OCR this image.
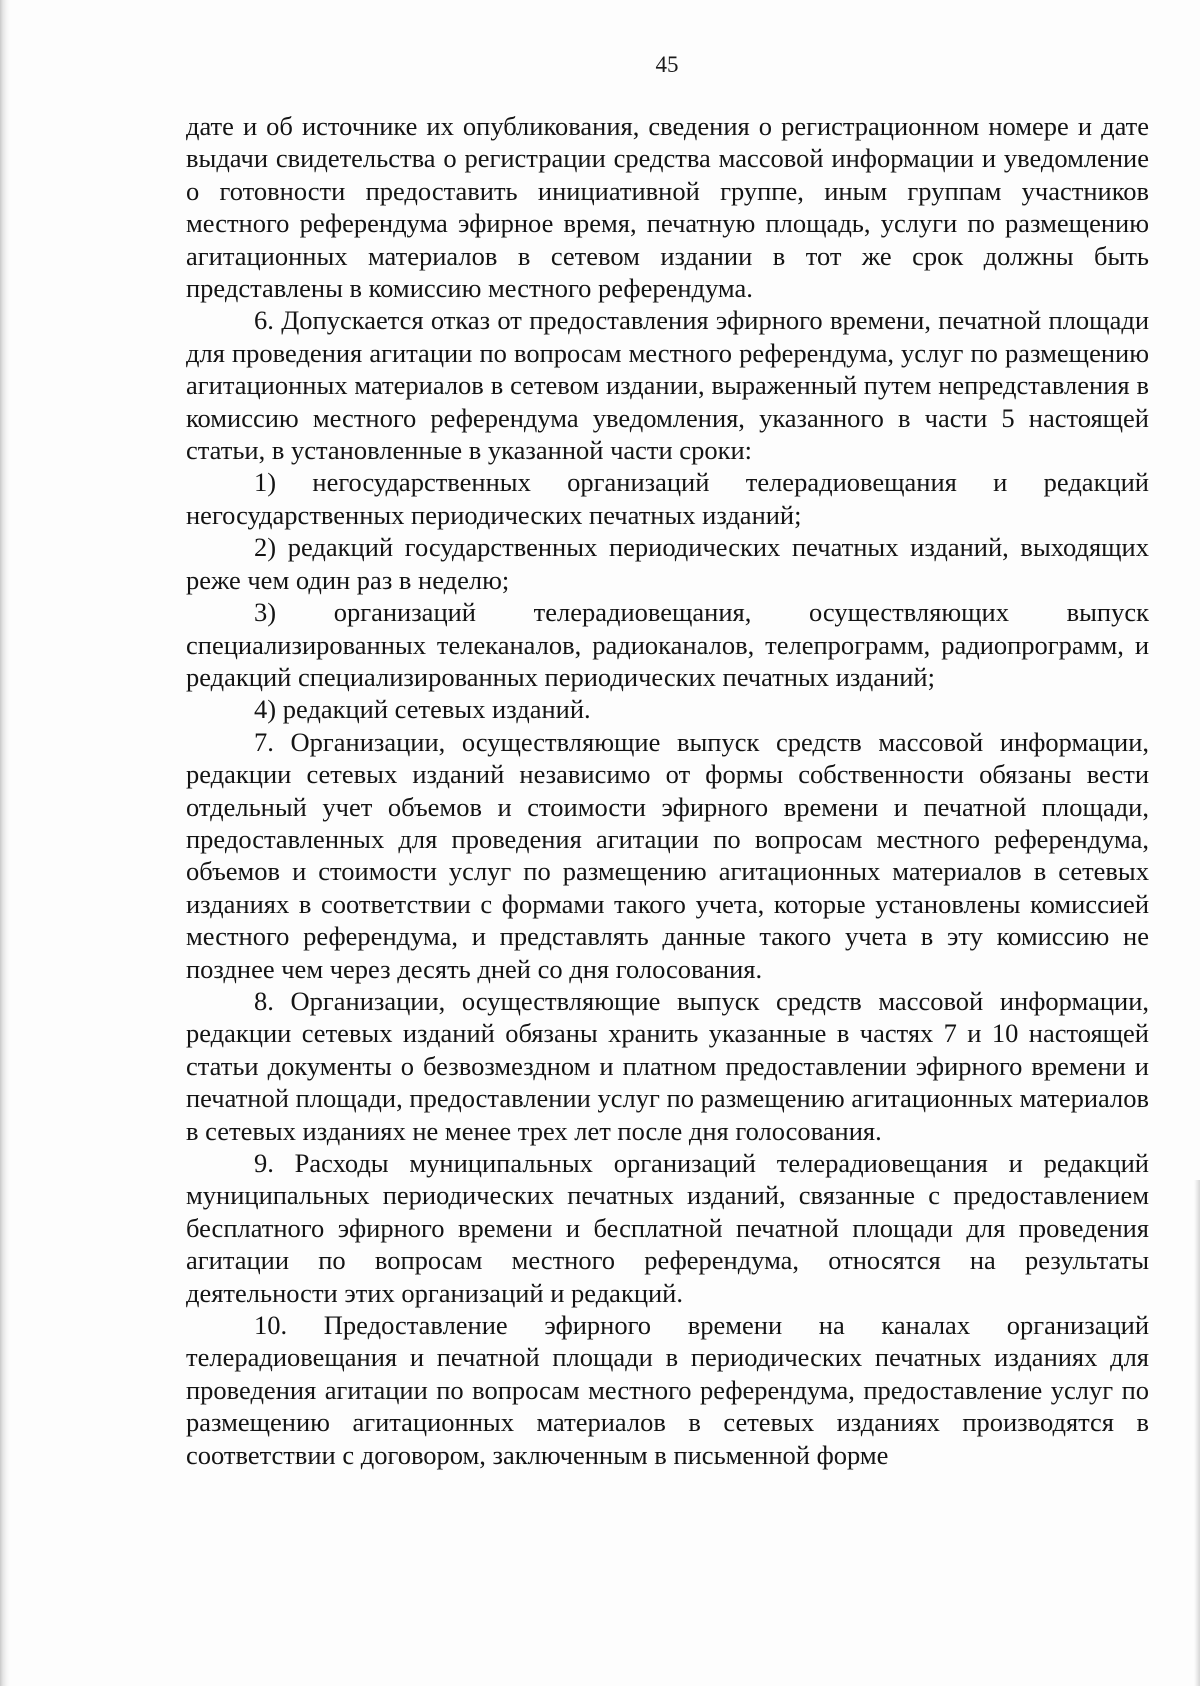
45

дате и об источнике их опубликования, сведения о регистрационном номере и дате выдачи свидетельства о регистрации средства массовой информации и уведомление о готовности предоставить инициативной группе, иным группам участников местного референдума эфирное время, печатную площадь, услуги по размещению агитационных материалов в сетевом издании в тот же срок должны быть представлены в комиссию местного референдума.

6. Допускается отказ от предоставления эфирного времени, печатной площади для проведения агитации по вопросам местного референдума, услуг по размещению агитационных материалов в сетевом издании, выраженный путем непредставления в комиссию местного референдума уведомления, указанного в части 5 настоящей статьи, в установленные в указанной части сроки:

1) негосударственных организаций телерадиовещания и редакций негосударственных периодических печатных изданий;

2) редакций государственных периодических печатных изданий, выходящих реже чем один раз в неделю;

3) организаций телерадиовещания, осуществляющих выпуск специализированных телеканалов, радиоканалов, телепрограмм, радиопрограмм, и редакций специализированных периодических печатных изданий;

4) редакций сетевых изданий.

7. Организации, осуществляющие выпуск средств массовой информации, редакции сетевых изданий независимо от формы собственности обязаны вести отдельный учет объемов и стоимости эфирного времени и печатной площади, предоставленных для проведения агитации по вопросам местного референдума, объемов и стоимости услуг по размещению агитационных материалов в сетевых изданиях в соответствии с формами такого учета, которые установлены комиссией местного референдума, и представлять данные такого учета в эту комиссию не позднее чем через десять дней со дня голосования.

8. Организации, осуществляющие выпуск средств массовой информации, редакции сетевых изданий обязаны хранить указанные в частях 7 и 10 настоящей статьи документы о безвозмездном и платном предоставлении эфирного времени и печатной площади, предоставлении услуг по размещению агитационных материалов в сетевых изданиях не менее трех лет после дня голосования.

9. Расходы муниципальных организаций телерадиовещания и редакций муниципальных периодических печатных изданий, связанные с предоставлением бесплатного эфирного времени и бесплатной печатной площади для проведения агитации по вопросам местного референдума, относятся на результаты деятельности этих организаций и редакций.

10. Предоставление эфирного времени на каналах организаций телерадиовещания и печатной площади в периодических печатных изданиях для проведения агитации по вопросам местного референдума, предоставление услуг по размещению агитационных материалов в сетевых изданиях производятся в соответствии с договором, заключенным в письменной форме
